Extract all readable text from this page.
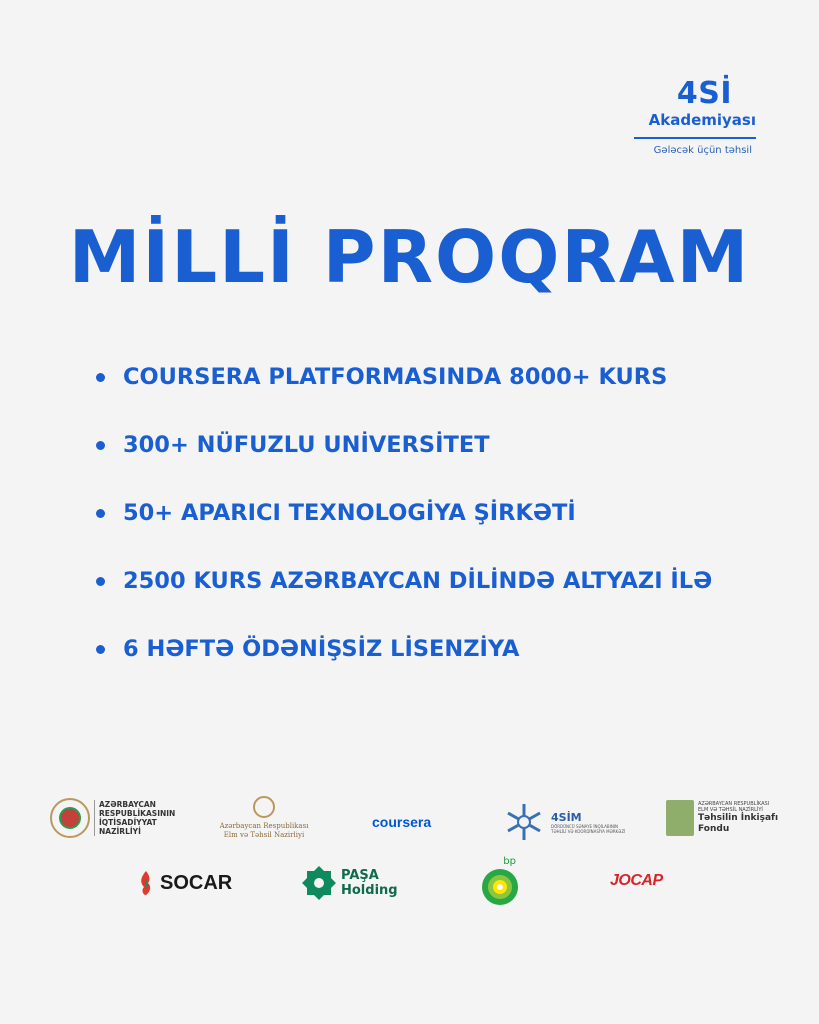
4Sİ
Akademiyası
Gələcək üçün təhsil
MİLLİ PROQRAM
COURSERA PLATFORMASINDA 8000+ KURS
300+ NÜFUZLU UNİVERSİTET
50+ APARICI TEXNOLOGİYA ŞİRKƏTİ
2500 KURS AZƏRBAYCAN DİLİNDƏ ALTYAZI İLƏ
6 HƏFTƏ ÖDƏNİŞSİZ LİSENZİYA
AZƏRBAYCAN
RESPUBLİKASININ
İQTİSADİYYAT
NAZİRLİYİ
Azərbaycan Respublikası
Elm və Təhsil Nazirliyi
coursera	4SİM
DÖRDÜNCÜ SƏNAYE İNQİLABININ
TƏHLİLİ VƏ KOORDİNASİYA MƏRKƏZİ
AZƏRBAYCAN RESPUBLİKASI
ELM VƏ TƏHSİL NAZİRLİYİ
Təhsilin İnkişafı
Fondu
SOCAR	PAŞA
Holding
bp
JOCAP
